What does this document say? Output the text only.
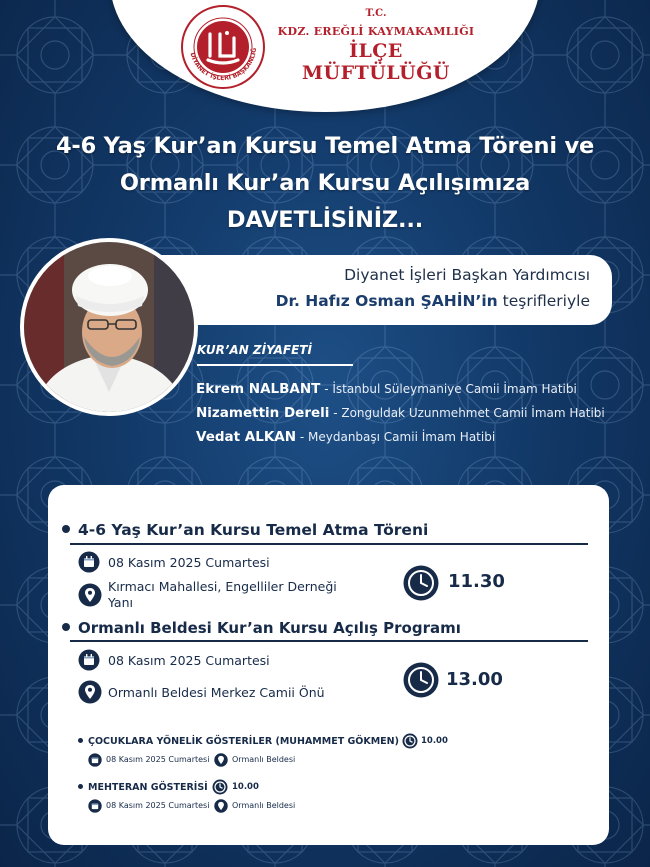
DİYANET İŞLERİ BAŞKANLIĞ
T.C.
KDZ. EREĞLİ KAYMAKAMLIĞI
İLÇE MÜFTÜLÜĞÜ
4-6 Yaş Kur’an Kursu Temel Atma Töreni ve
Ormanlı Kur’an Kursu Açılışımıza
DAVETLİSİNİZ...
Diyanet İşleri Başkan Yardımcısı
Dr. Hafız Osman ŞAHİN’in teşrifleriyle
KUR’AN ZİYAFETİ
Ekrem NALBANT - İstanbul Süleymaniye Camii İmam Hatibi
Nizamettin Dereli - Zonguldak Uzunmehmet Camii İmam Hatibi
Vedat ALKAN - Meydanbaşı Camii İmam Hatibi
4-6 Yaş Kur’an Kursu Temel Atma Töreni
08 Kasım 2025 Cumartesi
Kırmacı Mahallesi, Engelliler Derneği
Yanı
11.30
Ormanlı Beldesi Kur’an Kursu Açılış Programı
08 Kasım 2025 Cumartesi
Ormanlı Beldesi Merkez Camii Önü
13.00
ÇOCUKLARA YÖNELİK GÖSTERİLER (MUHAMMET GÖKMEN)	10.00
08 Kasım 2025 Cumartesi	Ormanlı Beldesi
MEHTERAN GÖSTERİSİ	10.00
08 Kasım 2025 Cumartesi	Ormanlı Beldesi
